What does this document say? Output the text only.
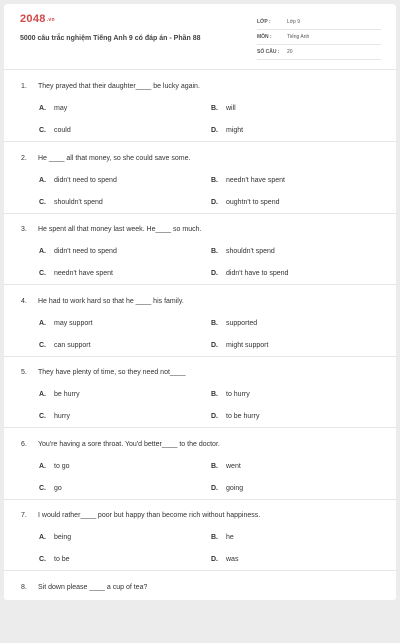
$2048^{.vn}$
5000 câu trắc nghiệm Tiếng Anh 9 có đáp án - Phần 88
LỚP :	Lớp 9
MÔN :	Tiếng Anh
SỐ CÂU : 20
1. They prayed that their daughter____ be lucky again.
A. may	B. will
C. could	D. might
2. He ____ all that money, so she could save some.
A. didn't need to spend	B. needn't have spent
C. shouldn't spend	D. oughtn't to spend
3. He spent all that money last week. He____ so much.
A. didn't need to spend	B. shouldn't spend
C. needn't have spent	D. didn't have to spend
4. He had to work hard so that he ____ his family.
A. may support	B. supported
C. can support	D. might support
5. They have plenty of time, so they need not____
A. be hurry	B. to hurry
C. hurry	D. to be hurry
6. You're having a sore throat. You'd better____ to the doctor.
A. to go	B. went
C. go	D. going
7. I would rather____ poor but happy than become rich without happiness.
A. being	B. he
C. to be	D. was
8. Sit down please ____ a cup of tea?
